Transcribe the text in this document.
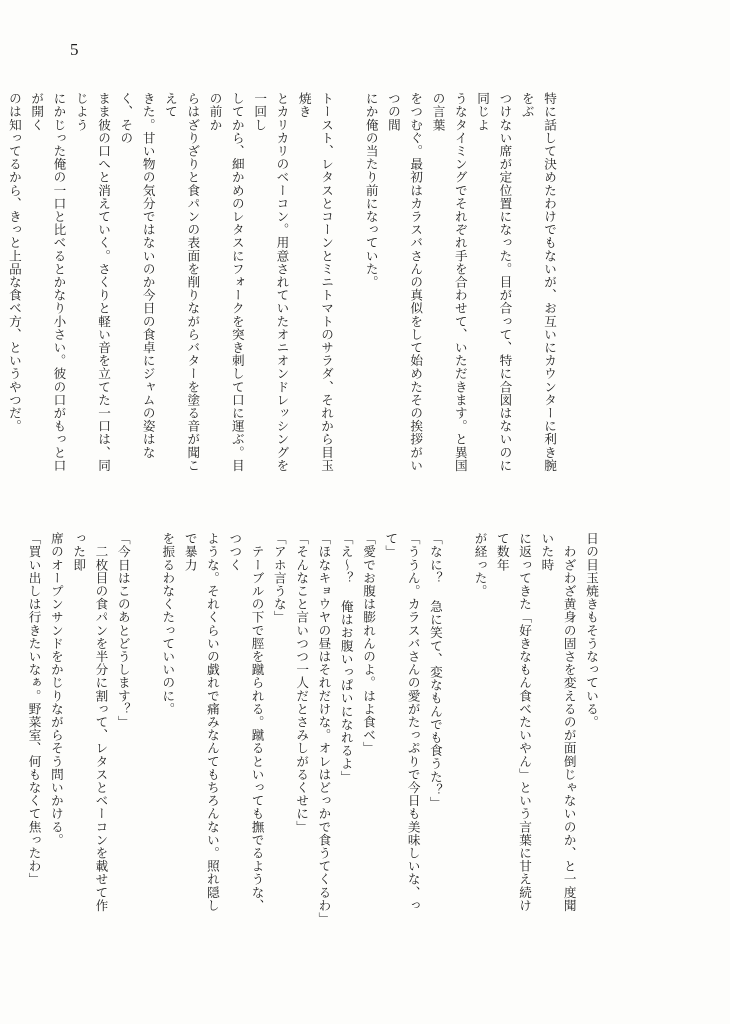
5

特に話して決めたわけでもないが、お互いにカウンターに利き腕をぶ

つけない席が定位置になった。目が合って、特に合図はないのに同じよ

うなタイミングでそれぞれ手を合わせて、いただきます。と異国の言葉

をつむぐ。最初はカラスバさんの真似をして始めたその挨拶がいつの間

にか俺の当たり前になっていた。

トースト、レタスとコーンとミニトマトのサラダ、それから目玉焼き

とカリカリのベーコン。用意されていたオニオンドレッシングを一回し

してから、細かめのレタスにフォークを突き刺して口に運ぶ。目の前か

らはざりざりと食パンの表面を削りながらバターを塗る音が聞こえて

きた。甘い物の気分ではないのか今日の食卓にジャムの姿はなく、その

まま彼の口へと消えていく。さくりと軽い音を立てた一口は、同じよう

にかじった俺の一口と比べるとかなり小さい。彼の口がもっと口が開く

のは知ってるから、きっと上品な食べ方、というやつだ。

日の目玉焼きもそうなっている。

　わざわざ黄身の固さを変えるのが面倒じゃないのか、と一度聞いた時

に返ってきた「好きなもん食べたいやん」という言葉に甘え続けて数年

が経った。

「なに？ 急に笑て、変なもんでも食うた？」

「ううん。カラスバさんの愛がたっぷりで今日も美味しいな、って」

「愛でお腹は膨れんのよ。はよ食べ」

「え〜？ 俺はお腹いっぱいになれるよ」

「ほなキョウヤの昼はそれだけな。オレはどっかで食うてくるわ」

「そんなこと言いつつ一人だとさみしがるくせに」

「アホ言うな」

　テーブルの下で脛を蹴られる。蹴るといっても撫でるような、つつく

ような。それくらいの戯れで痛みなんてもちろんない。照れ隠しで暴力

を振るわなくたっていいのに。

「今日はこのあとどうします？」

　二枚目の食パンを半分に割って、レタスとベーコンを載せて作った即

席のオープンサンドをかじりながらそう問いかける。

「買い出しは行きたいなぁ。野菜室、何もなくて焦ったわ」
